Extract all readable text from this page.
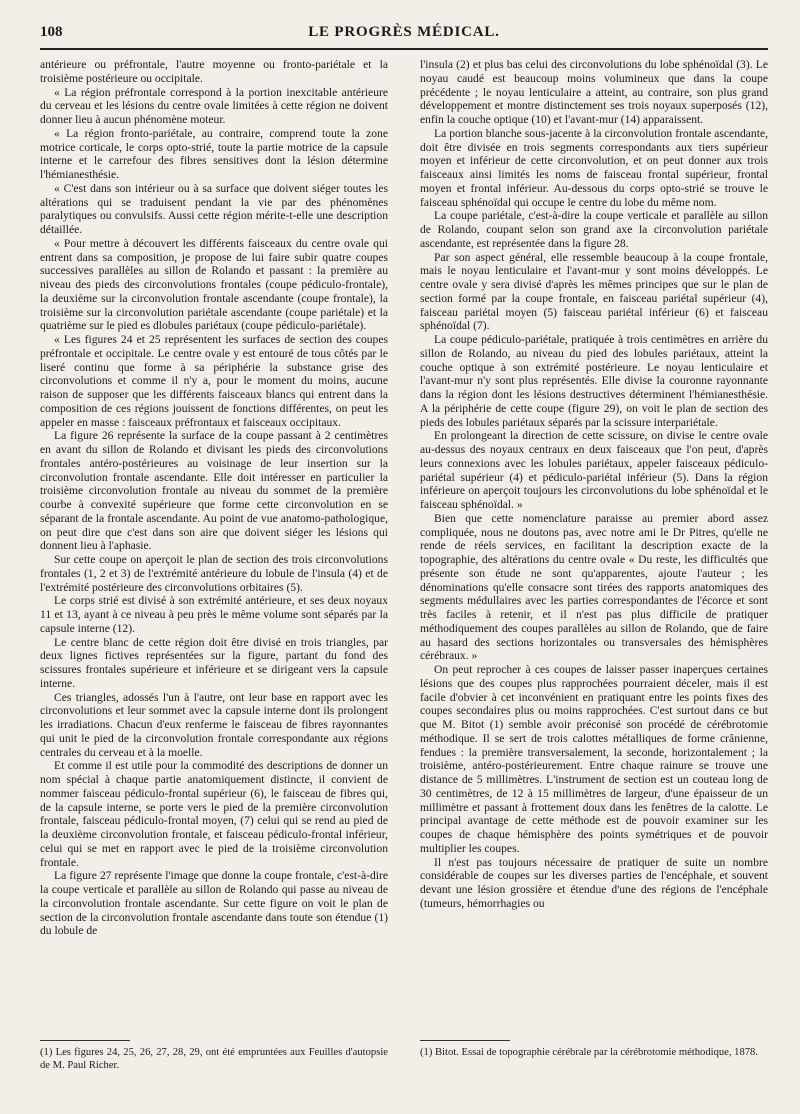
108	LE PROGRÈS MÉDICAL.

antérieure ou préfrontale, l'autre moyenne ou fronto-pariétale et la troisième postérieure ou occipitale.

« La région préfrontale correspond à la portion inexcitable antérieure du cerveau et les lésions du centre ovale limitées à cette région ne doivent donner lieu à aucun phénomène moteur.

« La région fronto-pariétale, au contraire, comprend toute la zone motrice corticale, le corps opto-strié, toute la partie motrice de la capsule interne et le carrefour des fibres sensitives dont la lésion détermine l'hémianesthésie.

« C'est dans son intérieur ou à sa surface que doivent siéger toutes les altérations qui se traduisent pendant la vie par des phénomènes paralytiques ou convulsifs. Aussi cette région mérite-t-elle une description détaillée.

« Pour mettre à découvert les différents faisceaux du centre ovale qui entrent dans sa composition, je propose de lui faire subir quatre coupes successives parallèles au sillon de Rolando et passant : la première au niveau des pieds des circonvolutions frontales (coupe pédiculo-frontale), la deuxième sur la circonvolution frontale ascendante (coupe frontale), la troisième sur la circonvolution pariétale ascendante (coupe pariétale) et la quatrième sur le pied es dlobules pariétaux (coupe pédiculo-pariétale).

« Les figures 24 et 25 représentent les surfaces de section des coupes préfrontale et occipitale. Le centre ovale y est entouré de tous côtés par le liseré continu que forme à sa périphérie la substance grise des circonvolutions et comme il n'y a, pour le moment du moins, aucune raison de supposer que les différents faisceaux blancs qui entrent dans la composition de ces régions jouissent de fonctions différentes, on peut les appeler en masse : faisceaux préfrontaux et faisceaux occipitaux.

La figure 26 représente la surface de la coupe passant à 2 centimètres en avant du sillon de Rolando et divisant les pieds des circonvolutions frontales antéro-postérieures au voisinage de leur insertion sur la circonvolution frontale ascendante. Elle doit intéresser en particulier la troisième circonvolution frontale au niveau du sommet de la première courbe à convexité supérieure que forme cette circonvolution en se séparant de la frontale ascendante. Au point de vue anatomo-pathologique, on peut dire que c'est dans son aire que doivent siéger les lésions qui donnent lieu à l'aphasie.

Sur cette coupe on aperçoit le plan de section des trois circonvolutions frontales (1, 2 et 3) de l'extrémité antérieure du lobule de l'insula (4) et de l'extrémité postérieure des circonvolutions orbitaires (5).

Le corps strié est divisé à son extrémité antérieure, et ses deux noyaux 11 et 13, ayant à ce niveau à peu près le même volume sont séparés par la capsule interne (12).

Le centre blanc de cette région doit être divisé en trois triangles, par deux lignes fictives représentées sur la figure, partant du fond des scissures frontales supérieure et inférieure et se dirigeant vers la capsule interne.

Ces triangles, adossés l'un à l'autre, ont leur base en rapport avec les circonvolutions et leur sommet avec la capsule interne dont ils prolongent les irradiations. Chacun d'eux renferme le faisceau de fibres rayonnantes qui unit le pied de la circonvolution frontale correspondante aux régions centrales du cerveau et à la moelle.

Et comme il est utile pour la commodité des descriptions de donner un nom spécial à chaque partie anatomiquement distincte, il convient de nommer faisceau pédiculo-frontal supérieur (6), le faisceau de fibres qui, de la capsule interne, se porte vers le pied de la première circonvolution frontale, faisceau pédiculo-frontal moyen, (7) celui qui se rend au pied de la deuxième circonvolution frontale, et faisceau pédiculo-frontal inférieur, celui qui se met en rapport avec le pied de la troisième circonvolution frontale.

La figure 27 représente l'image que donne la coupe frontale, c'est-à-dire la coupe verticale et parallèle au sillon de Rolando qui passe au niveau de la circonvolution frontale ascendante. Sur cette figure on voit le plan de section de la circonvolution frontale ascendante dans toute son étendue (1) du lobule de

l'insula (2) et plus bas celui des circonvolutions du lobe sphénoïdal (3). Le noyau caudé est beaucoup moins volumineux que dans la coupe précédente ; le noyau lenticulaire a atteint, au contraire, son plus grand développement et montre distinctement ses trois noyaux superposés (12), enfin la couche optique (10) et l'avant-mur (14) apparaissent.

La portion blanche sous-jacente à la circonvolution frontale ascendante, doit être divisée en trois segments correspondants aux tiers supérieur moyen et inférieur de cette circonvolution, et on peut donner aux trois faisceaux ainsi limités les noms de faisceau frontal supérieur, frontal moyen et frontal inférieur. Au-dessous du corps opto-strié se trouve le faisceau sphénoïdal qui occupe le centre du lobe du même nom.

La coupe pariétale, c'est-à-dire la coupe verticale et parallèle au sillon de Rolando, coupant selon son grand axe la circonvolution pariétale ascendante, est représentée dans la figure 28.

Par son aspect général, elle ressemble beaucoup à la coupe frontale, mais le noyau lenticulaire et l'avant-mur y sont moins développés. Le centre ovale y sera divisé d'après les mêmes principes que sur le plan de section formé par la coupe frontale, en faisceau pariétal supérieur (4), faisceau pariétal moyen (5) faisceau pariétal inférieur (6) et faisceau sphénoïdal (7).

La coupe pédiculo-pariétale, pratiquée à trois centimètres en arrière du sillon de Rolando, au niveau du pied des lobules pariétaux, atteint la couche optique à son extrémité postérieure. Le noyau lenticulaire et l'avant-mur n'y sont plus représentés. Elle divise la couronne rayonnante dans la région dont les lésions destructives déterminent l'hémianesthésie. A la périphérie de cette coupe (figure 29), on voit le plan de section des pieds des lobules pariétaux séparés par la scissure interpariétale.

En prolongeant la direction de cette scissure, on divise le centre ovale au-dessus des noyaux centraux en deux faisceaux que l'on peut, d'après leurs connexions avec les lobules pariétaux, appeler faisceaux pédiculo-pariétal supérieur (4) et pédiculo-pariétal inférieur (5). Dans la région inférieure on aperçoit toujours les circonvolutions du lobe sphénoïdal et le faisceau sphénoïdal. »

Bien que cette nomenclature paraisse au premier abord assez compliquée, nous ne doutons pas, avec notre ami le Dr Pitres, qu'elle ne rende de réels services, en facilitant la description exacte de la topographie, des altérations du centre ovale « Du reste, les difficultés que présente son étude ne sont qu'apparentes, ajoute l'auteur ; les dénominations qu'elle consacre sont tirées des rapports anatomiques des segments médullaires avec les parties correspondantes de l'écorce et sont très faciles à retenir, et il n'est pas plus difficile de pratiquer méthodiquement des coupes parallèles au sillon de Rolando, que de faire au hasard des sections horizontales ou transversales des hémisphères cérébraux. »

On peut reprocher à ces coupes de laisser passer inaperçues certaines lésions que des coupes plus rapprochées pourraient déceler, mais il est facile d'obvier à cet inconvénient en pratiquant entre les points fixes des coupes secondaires plus ou moins rapprochées. C'est surtout dans ce but que M. Bitot (1) semble avoir préconisé son procédé de cérébrotomie méthodique. Il se sert de trois calottes métalliques de forme crânienne, fendues : la première transversalement, la seconde, horizontalement ; la troisième, antéro-postérieurement. Entre chaque rainure se trouve une distance de 5 millimètres. L'instrument de section est un couteau long de 30 centimètres, de 12 à 15 millimètres de largeur, d'une épaisseur de un millimètre et passant à frottement doux dans les fenêtres de la calotte. Le principal avantage de cette méthode est de pouvoir examiner sur les coupes de chaque hémisphère des points symétriques et de pouvoir multiplier les coupes.

Il n'est pas toujours nécessaire de pratiquer de suite un nombre considérable de coupes sur les diverses parties de l'encéphale, et souvent devant une lésion grossière et étendue d'une des régions de l'encéphale (tumeurs, hémorrhagies ou

(1) Les figures 24, 25, 26, 27, 28, 29, ont été empruntées aux Feuilles d'autopsie de M. Paul Richer.
(1) Bitot. Essai de topographie cérébrale par la cérébrotomie méthodique, 1878.
